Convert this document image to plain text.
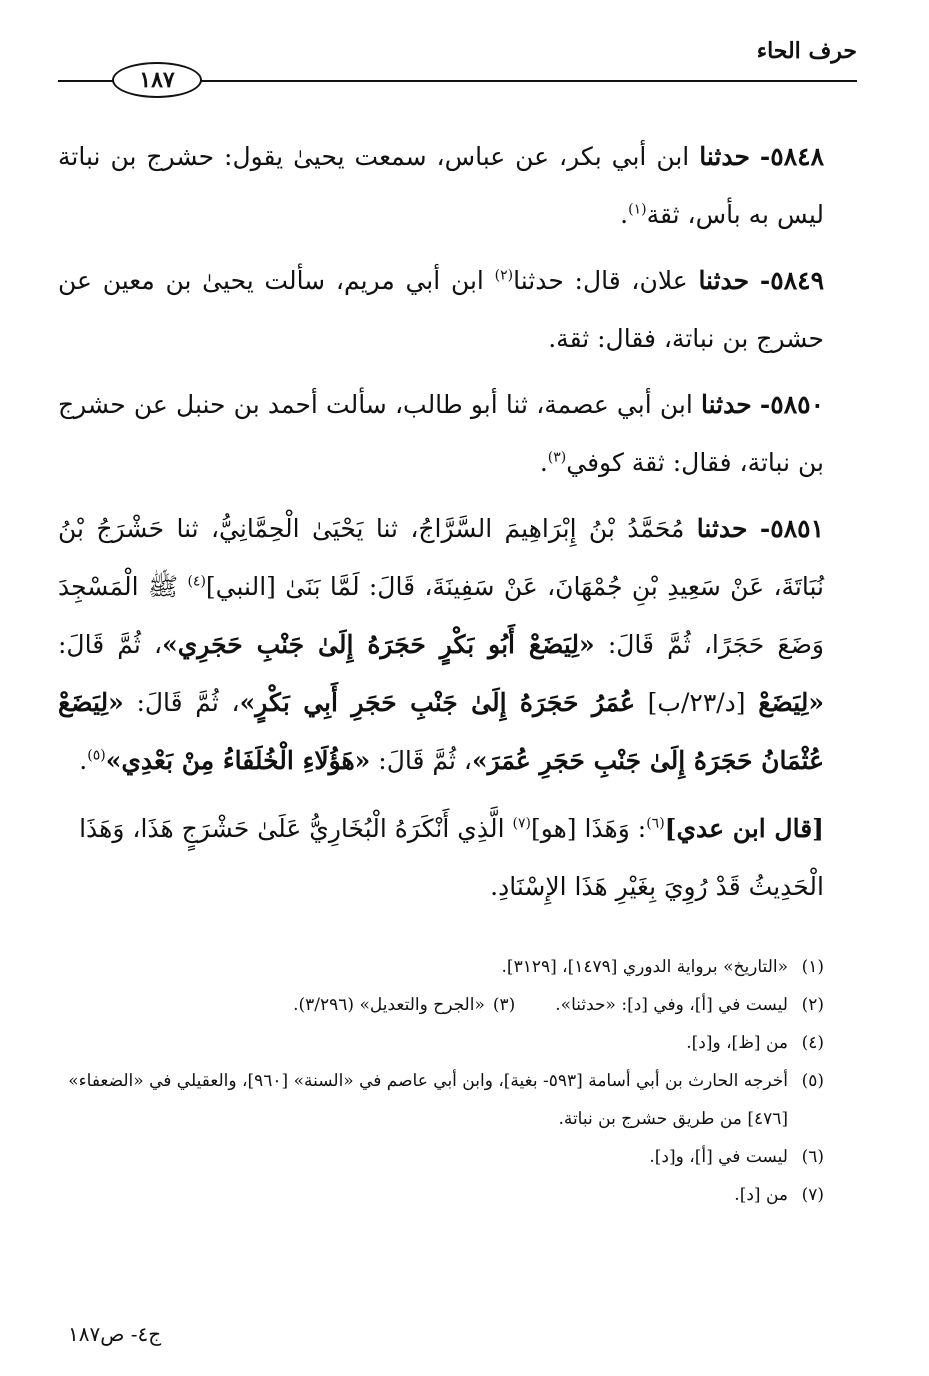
حرف الحاء
١٨٧

٥٨٤٨- حدثنا ابن أبي بكر، عن عباس، سمعت يحيىٰ يقول: حشرج بن نباتة ليس به بأس، ثقة$^{(١)}$.

٥٨٤٩- حدثنا علان، قال: حدثنا$^{(٢)}$ ابن أبي مريم، سألت يحيىٰ بن معين عن حشرج بن نباتة، فقال: ثقة.

٥٨٥٠- حدثنا ابن أبي عصمة، ثنا أبو طالب، سألت أحمد بن حنبل عن حشرج بن نباتة، فقال: ثقة كوفي$^{(٣)}$.

٥٨٥١- حدثنا مُحَمَّدُ بْنُ إِبْرَاهِيمَ السَّرَّاجُ، ثنا يَحْيَىٰ الْحِمَّانِيُّ، ثنا حَشْرَجُ بْنُ نُبَاتَةَ، عَنْ سَعِيدِ بْنِ جُمْهَانَ، عَنْ سَفِينَةَ، قَالَ: لَمَّا بَنَىٰ [النبي]$^{(٤)}$ ﷺ الْمَسْجِدَ وَضَعَ حَجَرًا، ثُمَّ قَالَ: «لِيَضَعْ أَبُو بَكْرٍ حَجَرَهُ إِلَىٰ جَنْبِ حَجَرِي»، ثُمَّ قَالَ: «لِيَضَعْ [د/٢٣/ب] عُمَرُ حَجَرَهُ إِلَىٰ جَنْبِ حَجَرِ أَبِي بَكْرٍ»، ثُمَّ قَالَ: «لِيَضَعْ عُثْمَانُ حَجَرَهُ إِلَىٰ جَنْبِ حَجَرِ عُمَرَ»، ثُمَّ قَالَ: «هَؤُلَاءِ الْخُلَفَاءُ مِنْ بَعْدِي»$^{(٥)}$.

[قال ابن عدي]$^{(٦)}$: وَهَذَا [هو]$^{(٧)}$ الَّذِي أَنْكَرَهُ الْبُخَارِيُّ عَلَىٰ حَشْرَجٍ هَذَا، وَهَذَا الْحَدِيثُ قَدْ رُوِيَ بِغَيْرِ هَذَا الإِسْنَادِ.
(١)
«التاريخ» برواية الدوري [١٤٧٩]، [٣١٢٩].
(٢)
ليست في [أ]، وفي [د]: «حدثنا».
(٣)
«الجرح والتعديل» (٣/٢٩٦).
(٤)
من [ظ]، و[د].
(٥)
أخرجه الحارث بن أبي أسامة [٥٩٣- بغية]، وابن أبي عاصم في «السنة» [٩٦٠]، والعقيلي في «الضعفاء» [٤٧٦] من طريق حشرج بن نباتة.
(٦)
ليست في [أ]، و[د].
(٧)
من [د].
ج٤- ص١٨٧
